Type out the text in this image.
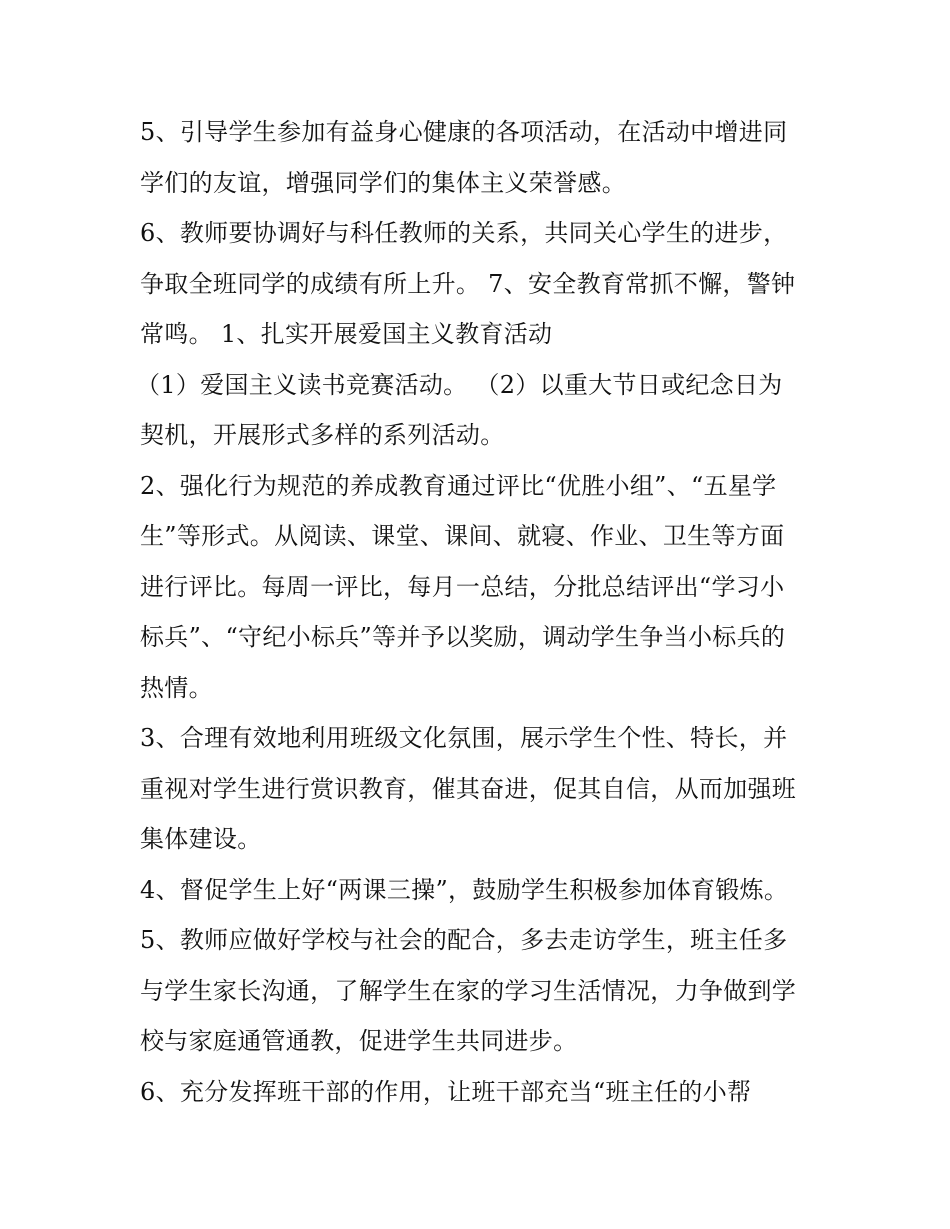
5、引导学生参加有益身心健康的各项活动，在活动中增进同
学们的友谊，增强同学们的集体主义荣誉感。
6、教师要协调好与科任教师的关系，共同关心学生的进步，
争取全班同学的成绩有所上升。 7、安全教育常抓不懈，警钟
常鸣。 1、扎实开展爱国主义教育活动
（1）爱国主义读书竞赛活动。 （2）以重大节日或纪念日为
契机，开展形式多样的系列活动。
2、强化行为规范的养成教育通过评比“优胜小组”、“五星学
生”等形式。从阅读、课堂、课间、就寝、作业、卫生等方面
进行评比。每周一评比，每月一总结，分批总结评出“学习小
标兵”、“守纪小标兵”等并予以奖励，调动学生争当小标兵的
热情。
3、合理有效地利用班级文化氛围，展示学生个性、特长，并
重视对学生进行赏识教育，催其奋进，促其自信，从而加强班
集体建设。
4、督促学生上好“两课三操”，鼓励学生积极参加体育锻炼。
5、教师应做好学校与社会的配合，多去走访学生，班主任多
与学生家长沟通，了解学生在家的学习生活情况，力争做到学
校与家庭通管通教，促进学生共同进步。
6、充分发挥班干部的作用，让班干部充当“班主任的小帮
